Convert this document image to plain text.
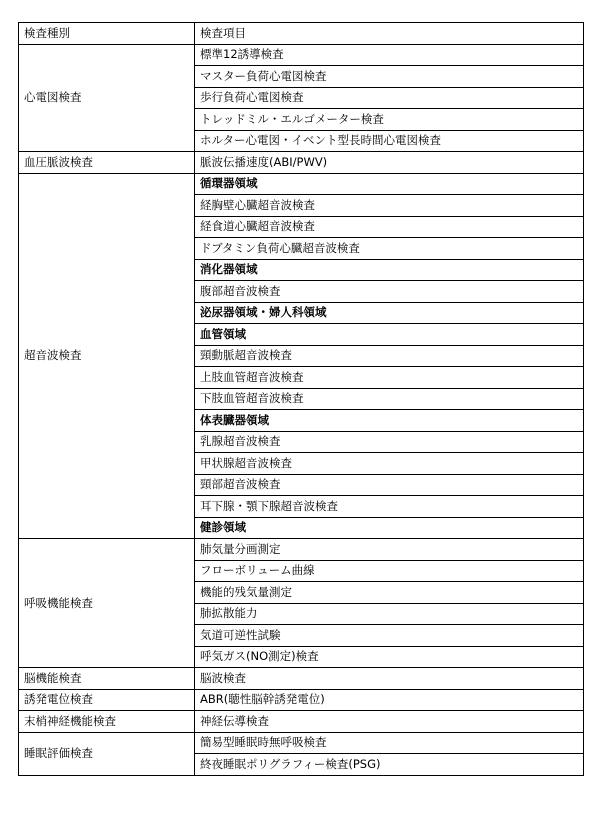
検査種別	検査項目
心電図検査	標準12誘導検査
	マスター負荷心電図検査
	歩行負荷心電図検査
	トレッドミル・エルゴメーター検査
	ホルター心電図・イベント型長時間心電図検査
血圧脈波検査	脈波伝播速度(ABI/PWV)
超音波検査	循環器領域
	経胸壁心臓超音波検査
	経食道心臓超音波検査
	ドブタミン負荷心臓超音波検査
	消化器領域
	腹部超音波検査
	泌尿器領域・婦人科領域
	血管領域
	頸動脈超音波検査
	上肢血管超音波検査
	下肢血管超音波検査
	体表臓器領域
	乳腺超音波検査
	甲状腺超音波検査
	頸部超音波検査
	耳下腺・顎下腺超音波検査
	健診領域
呼吸機能検査	肺気量分画測定
	フローボリューム曲線
	機能的残気量測定
	肺拡散能力
	気道可逆性試験
	呼気ガス(NO測定)検査
脳機能検査	脳波検査
誘発電位検査	ABR(聴性脳幹誘発電位)
末梢神経機能検査	神経伝導検査
睡眠評価検査	簡易型睡眠時無呼吸検査
	終夜睡眠ポリグラフィー検査(PSG)
